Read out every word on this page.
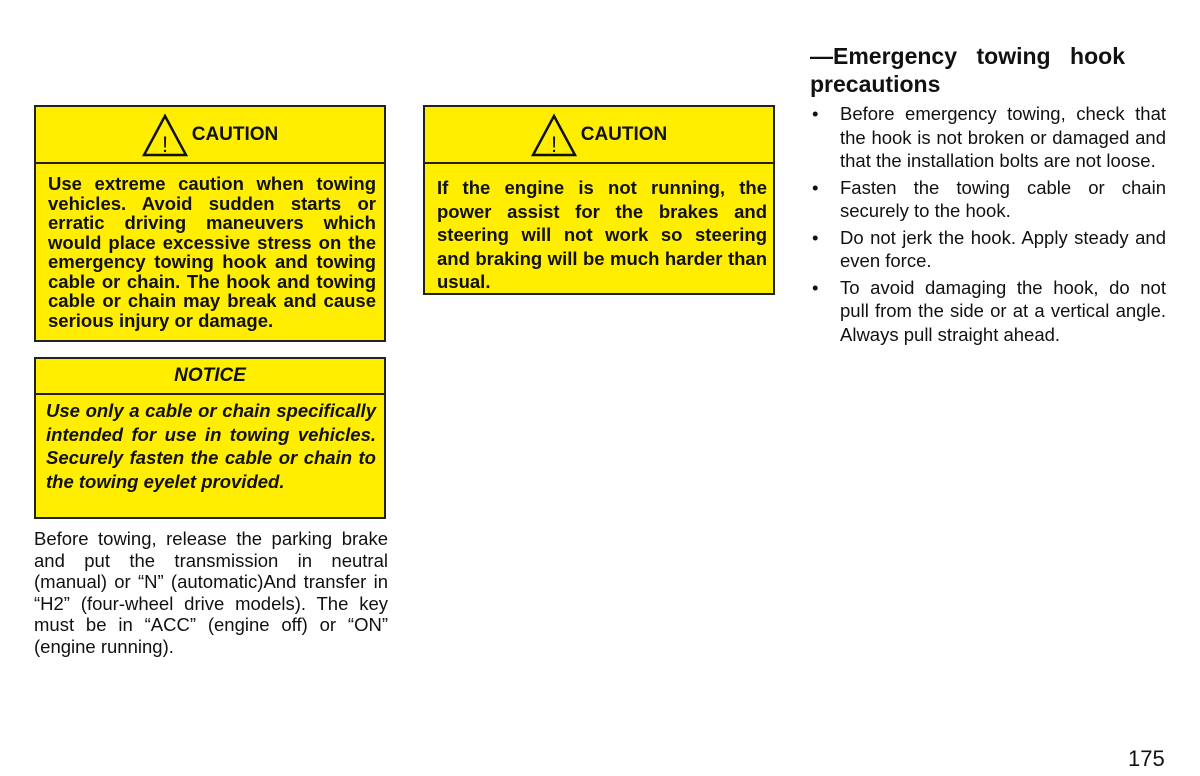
! CAUTION
Use extreme caution when towing vehicles. Avoid sudden starts or erratic driving maneuvers which would place excessive stress on the emergency towing hook and towing cable or chain. The hook and towing cable or chain may break and cause serious injury or damage.
! CAUTION
If the engine is not running, the power assist for the brakes and steering will not work so steering and braking will be much harder than usual.
NOTICE
Use only a cable or chain specifically intended for use in towing vehicles. Securely fasten the cable or chain to the towing eyelet provided.
Before towing, release the parking brake and put the transmission in neutral (manual) or “N” (automatic)And transfer in “H2” (four-wheel drive models). The key must be in “ACC” (engine off) or “ON” (engine running).
—Emergency towing hook
precautions
• Before emergency towing, check that the hook is not broken or damaged and that the installation bolts are not loose.
• Fasten the towing cable or chain securely to the hook.
• Do not jerk the hook. Apply steady and even force.
• To avoid damaging the hook, do not pull from the side or at a vertical angle. Always pull straight ahead.
175
